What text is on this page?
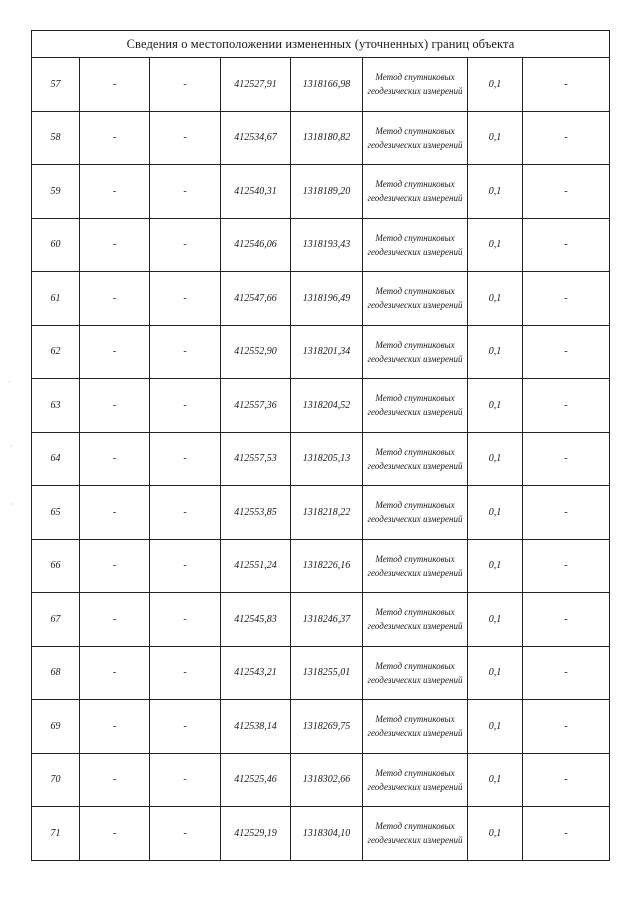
Сведения о местоположении измененных (уточненных) границ объекта							
57	-	-	412527,91	1318166,98	Метод спутниковых геодезических измерений	0,1	-
58	-	-	412534,67	1318180,82	Метод спутниковых геодезических измерений	0,1	-
59	-	-	412540,31	1318189,20	Метод спутниковых геодезических измерений	0,1	-
60	-	-	412546,06	1318193,43	Метод спутниковых геодезических измерений	0,1	-
61	-	-	412547,66	1318196,49	Метод спутниковых геодезических измерений	0,1	-
62	-	-	412552,90	1318201,34	Метод спутниковых геодезических измерений	0,1	-
63	-	-	412557,36	1318204,52	Метод спутниковых геодезических измерений	0,1	-
64	-	-	412557,53	1318205,13	Метод спутниковых геодезических измерений	0,1	-
65	-	-	412553,85	1318218,22	Метод спутниковых геодезических измерений	0,1	-
66	-	-	412551,24	1318226,16	Метод спутниковых геодезических измерений	0,1	-
67	-	-	412545,83	1318246,37	Метод спутниковых геодезических измерений	0,1	-
68	-	-	412543,21	1318255,01	Метод спутниковых геодезических измерений	0,1	-
69	-	-	412538,14	1318269,75	Метод спутниковых геодезических измерений	0,1	-
70	-	-	412525,46	1318302,66	Метод спутниковых геодезических измерений	0,1	-
71	-	-	412529,19	1318304,10	Метод спутниковых геодезических измерений	0,1	-
·
·
·
